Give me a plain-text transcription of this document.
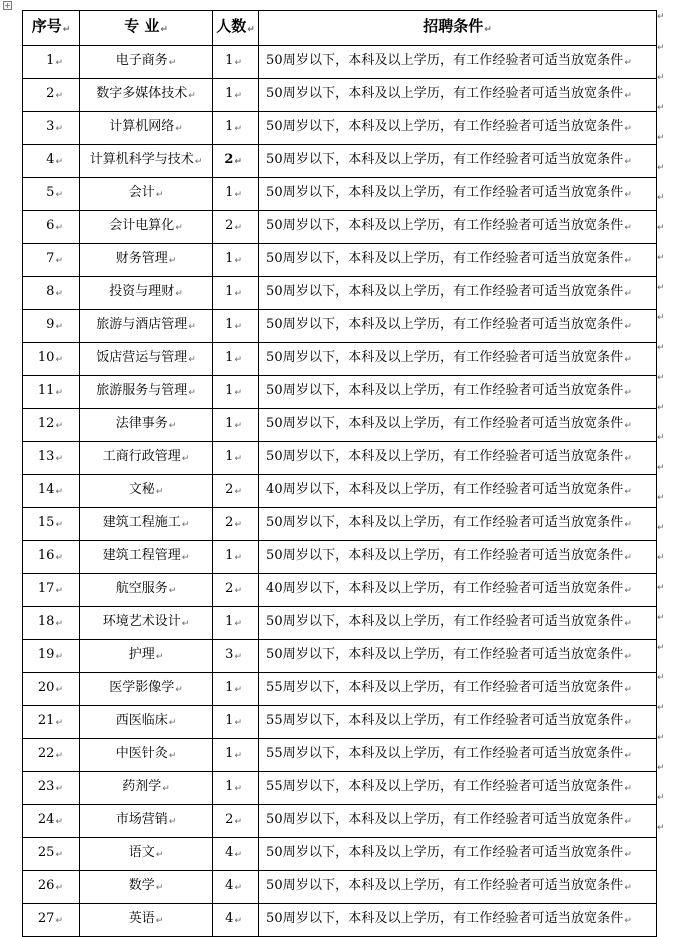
+
序号↵	专 业↵	人数↵	招聘条件↵
1↵	电子商务↵	1↵	50周岁以下，本科及以上学历，有工作经验者可适当放宽条件↵
2↵	数字多媒体技术↵	1↵	50周岁以下，本科及以上学历，有工作经验者可适当放宽条件↵
3↵	计算机网络↵	1↵	50周岁以下，本科及以上学历，有工作经验者可适当放宽条件↵
4↵	计算机科学与技术↵	2↵	50周岁以下，本科及以上学历，有工作经验者可适当放宽条件↵
5↵	会计↵	1↵	50周岁以下，本科及以上学历，有工作经验者可适当放宽条件↵
6↵	会计电算化↵	2↵	50周岁以下，本科及以上学历，有工作经验者可适当放宽条件↵
7↵	财务管理↵	1↵	50周岁以下，本科及以上学历，有工作经验者可适当放宽条件↵
8↵	投资与理财↵	1↵	50周岁以下，本科及以上学历，有工作经验者可适当放宽条件↵
9↵	旅游与酒店管理↵	1↵	50周岁以下，本科及以上学历，有工作经验者可适当放宽条件↵
10↵	饭店营运与管理↵	1↵	50周岁以下，本科及以上学历，有工作经验者可适当放宽条件↵
11↵	旅游服务与管理↵	1↵	50周岁以下，本科及以上学历，有工作经验者可适当放宽条件↵
12↵	法律事务↵	1↵	50周岁以下，本科及以上学历，有工作经验者可适当放宽条件↵
13↵	工商行政管理↵	1↵	50周岁以下，本科及以上学历，有工作经验者可适当放宽条件↵
14↵	文秘↵	2↵	40周岁以下，本科及以上学历，有工作经验者可适当放宽条件↵
15↵	建筑工程施工↵	2↵	50周岁以下，本科及以上学历，有工作经验者可适当放宽条件↵
16↵	建筑工程管理↵	1↵	50周岁以下，本科及以上学历，有工作经验者可适当放宽条件↵
17↵	航空服务↵	2↵	40周岁以下，本科及以上学历，有工作经验者可适当放宽条件↵
18↵	环境艺术设计↵	1↵	50周岁以下，本科及以上学历，有工作经验者可适当放宽条件↵
19↵	护理↵	3↵	50周岁以下，本科及以上学历，有工作经验者可适当放宽条件↵
20↵	医学影像学↵	1↵	55周岁以下，本科及以上学历，有工作经验者可适当放宽条件↵
21↵	西医临床↵	1↵	55周岁以下，本科及以上学历，有工作经验者可适当放宽条件↵
22↵	中医针灸↵	1↵	55周岁以下，本科及以上学历，有工作经验者可适当放宽条件↵
23↵	药剂学↵	1↵	55周岁以下，本科及以上学历，有工作经验者可适当放宽条件↵
24↵	市场营销↵	2↵	50周岁以下，本科及以上学历，有工作经验者可适当放宽条件↵
25↵	语文↵	4↵	50周岁以下，本科及以上学历，有工作经验者可适当放宽条件↵
26↵	数学↵	4↵	50周岁以下，本科及以上学历，有工作经验者可适当放宽条件↵
27↵	英语↵	4↵	50周岁以下，本科及以上学历，有工作经验者可适当放宽条件↵
↵
↵
↵
↵
↵
↵
↵
↵
↵
↵
↵
↵
↵
↵
↵
↵
↵
↵
↵
↵
↵
↵
↵
↵
↵
↵
↵
↵
